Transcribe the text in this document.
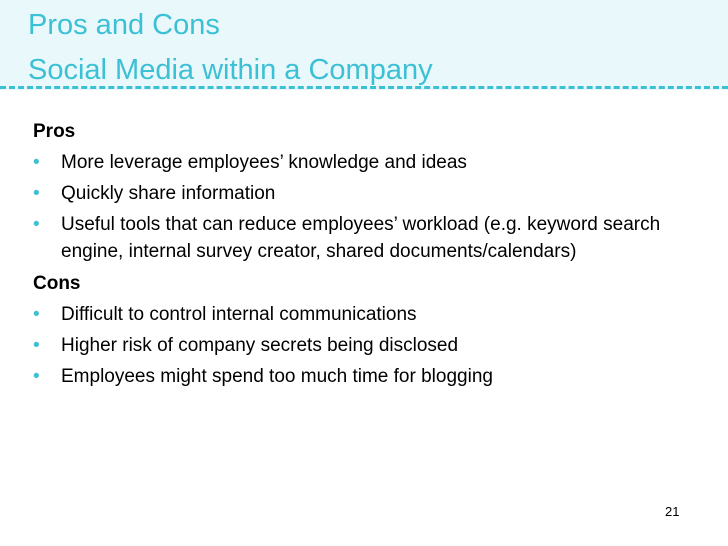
Pros and Cons
Social Media within a Company
Pros
• More leverage employees’ knowledge and ideas
• Quickly share information
• Useful tools that can reduce employees’ workload (e.g. keyword search engine, internal survey creator, shared documents/calendars)
Cons
• Difficult to control internal communications
• Higher risk of company secrets being disclosed
• Employees might spend too much time for blogging
21
